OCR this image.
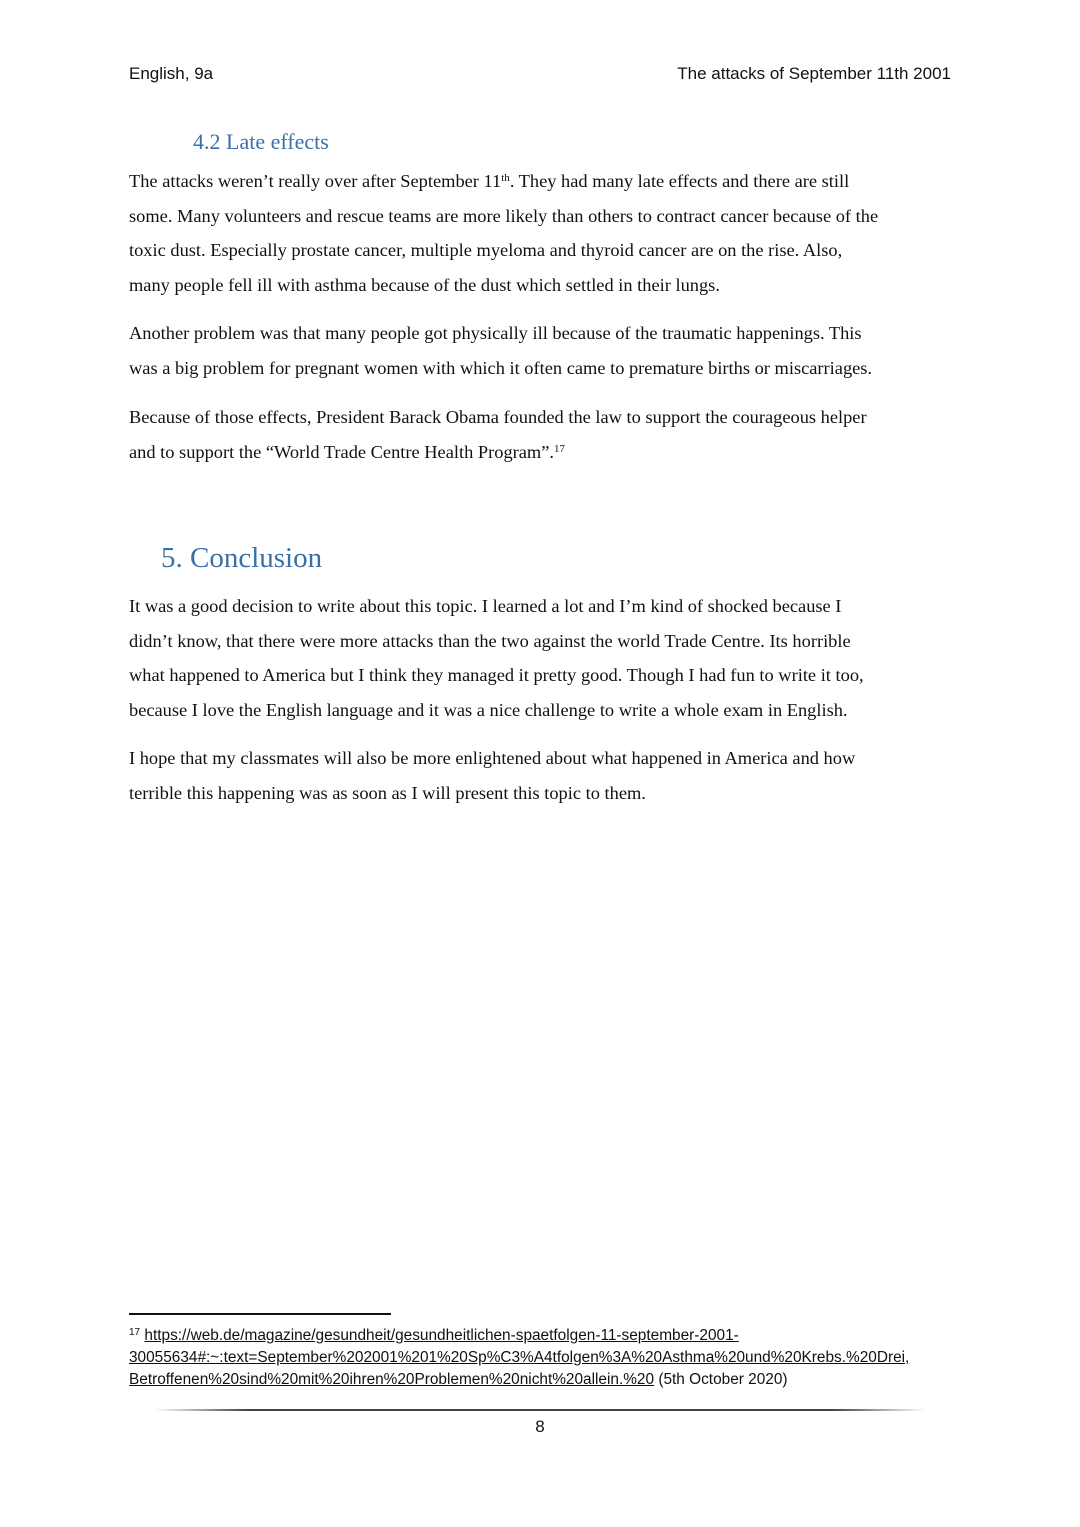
English, 9a	The attacks of September 11th 2001
4.2 Late effects

The attacks weren’t really over after September 11th. They had many late effects and there are still
some. Many volunteers and rescue teams are more likely than others to contract cancer because of the
toxic dust. Especially prostate cancer, multiple myeloma and thyroid cancer are on the rise. Also,
many people fell ill with asthma because of the dust which settled in their lungs.

Another problem was that many people got physically ill because of the traumatic happenings. This
was a big problem for pregnant women with which it often came to premature births or miscarriages.

Because of those effects, President Barack Obama founded the law to support the courageous helper
and to support the “World Trade Centre Health Program”.$^{17}$

5. Conclusion

It was a good decision to write about this topic. I learned a lot and I’m kind of shocked because I
didn’t know, that there were more attacks than the two against the world Trade Centre. Its horrible
what happened to America but I think they managed it pretty good. Though I had fun to write it too,
because I love the English language and it was a nice challenge to write a whole exam in English.

I hope that my classmates will also be more enlightened about what happened in America and how
terrible this happening was as soon as I will present this topic to them.

$^{17}$ https://web.de/magazine/gesundheit/gesundheitlichen-spaetfolgen-11-september-2001-
30055634#:~:text=September%202001%201%20Sp%C3%A4tfolgen%3A%20Asthma%20und%20Krebs.%20Drei,
Betroffenen%20sind%20mit%20ihren%20Problemen%20nicht%20allein.%20 (5th October 2020)
8
